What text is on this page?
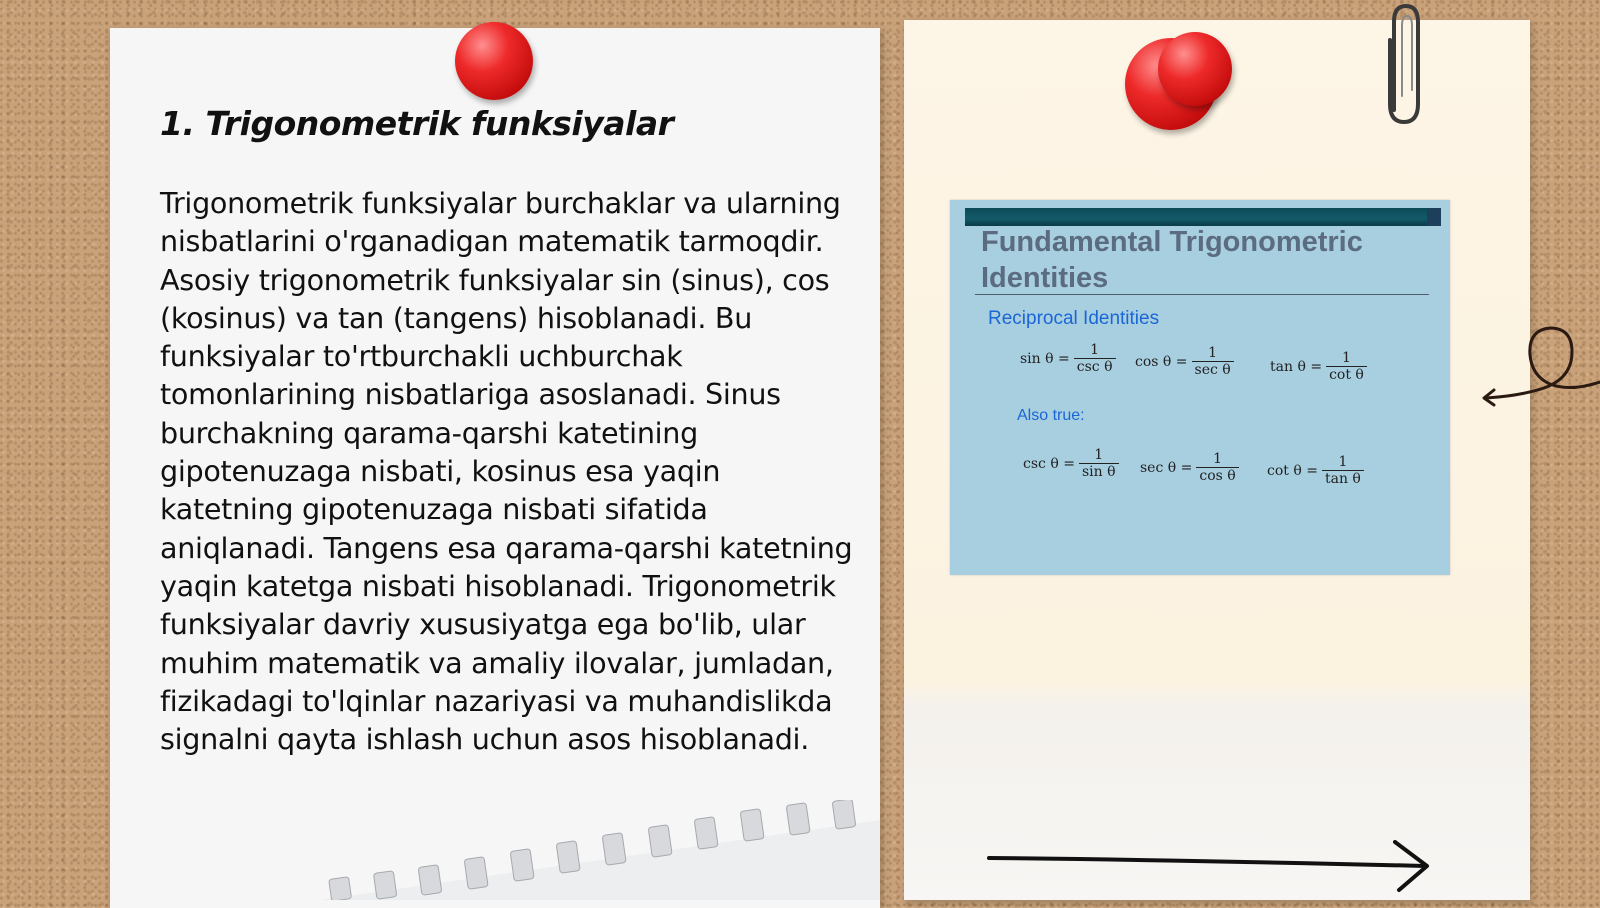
1. Trigonometrik funksiyalar

Trigonometrik funksiyalar burchaklar va ularning nisbatlarini o'rganadigan matematik tarmoqdir. Asosiy trigonometrik funksiyalar sin (sinus), cos (kosinus) va tan (tangens) hisoblanadi. Bu funksiyalar to'rtburchakli uchburchak tomonlarining nisbatlariga asoslanadi. Sinus burchakning qarama-qarshi katetining gipotenuzaga nisbati, kosinus esa yaqin katetning gipotenuzaga nisbati sifatida aniqlanadi. Tangens esa qarama-qarshi katetning yaqin katetga nisbati hisoblanadi. Trigonometrik funksiyalar davriy xususiyatga ega bo'lib, ular muhim matematik va amaliy ilovalar, jumladan, fizikadagi to'lqinlar nazariyasi va muhandislikda signalni qayta ishlash uchun asos hisoblanadi.

Fundamental Trigonometric Identities

Reciprocal Identities

$\sin \theta = \frac{1}{\text{csc θ}}$ $\cos \theta = \frac{1}{\text{sec θ}}$	$\tan \theta = \frac{1}{\text{cot θ}}$

Also true:

$\csc \theta = \frac{1}{\text{sin θ}}$ $\sec \theta = \frac{1}{\text{cos θ}}$ $\cot \theta = \frac{1}{\text{tan θ}}$
